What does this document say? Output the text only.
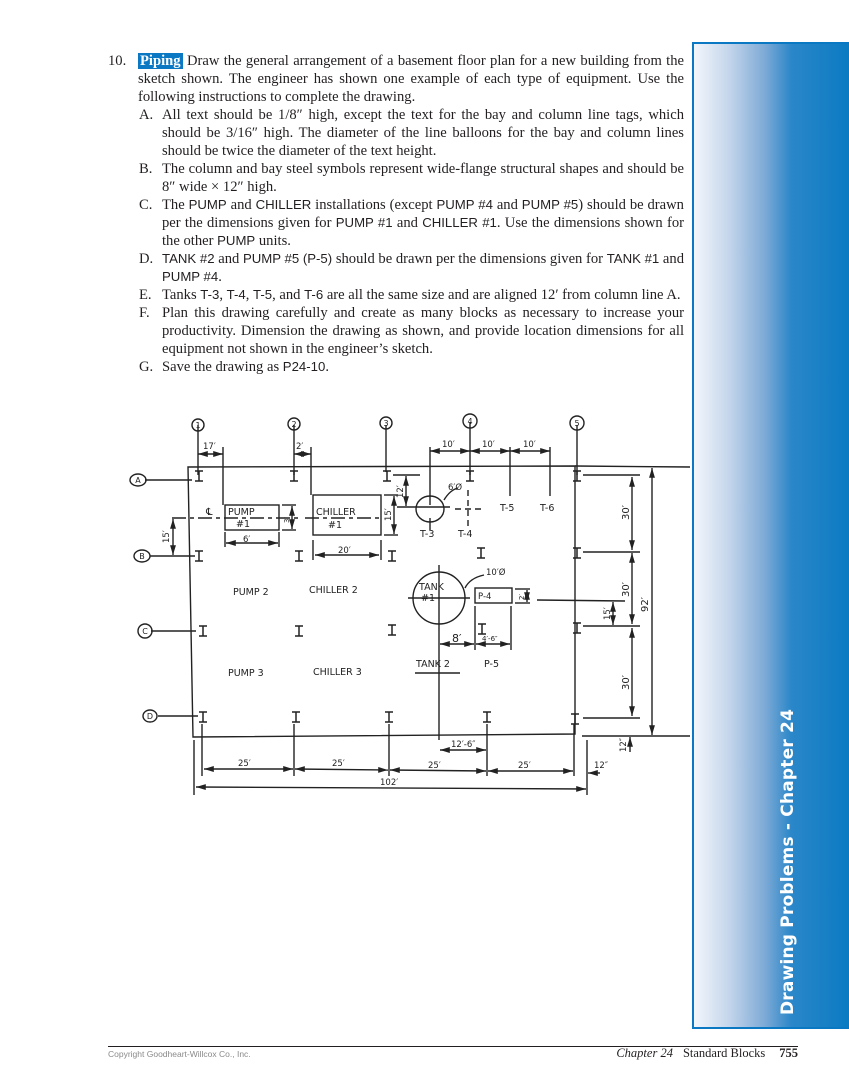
Drawing Problems - Chapter 24
10. Piping Draw the general arrangement of a basement floor plan for a new building from the sketch shown. The engineer has shown one example of each type of equipment. Use the following instructions to complete the drawing.
A. All text should be 1/8″ high, except the text for the bay and column line tags, which should be 3/16″ high. The diameter of the line balloons for the bay and column lines should be twice the diameter of the text height.
B. The column and bay steel symbols represent wide-flange structural shapes and should be 8″ wide × 12″ high.
C. The PUMP and CHILLER installations (except PUMP #4 and PUMP #5) should be drawn per the dimensions given for PUMP #1 and CHILLER #1. Use the dimensions shown for the other PUMP units.
D. TANK #2 and PUMP #5 (P-5) should be drawn per the dimensions given for TANK #1 and PUMP #4.
E. Tanks T-3, T-4, T-5, and T-6 are all the same size and are aligned 12′ from column line A.
F. Plan this drawing carefully and create as many blocks as necessary to increase your productivity. Dimension the drawing as shown, and provide location dimensions for all equipment not shown in the engineer’s sketch.
G. Save the drawing as P24-10.
1	2	3	4	5
A
B
C
D
℄ PUMP
#1
CHILLER
#1
PUMP 2	CHILLER 2
PUMP 3	CHILLER 3
TANK
#1
TANK 2
P-4
P-5
T-3 T-4
T-5	T-6
17′	2′	10′	10′	10′
6′Ø
6′
20′
10′Ø
8′	4′-6″
12′-6″
25′	25′	25′	25′	12″
102′
15′
3′	15′
12′
2′
30′
30′
15′
30′
92′
12″
Copyright Goodheart-Willcox Co., Inc.	Chapter 24 Standard Blocks 755
